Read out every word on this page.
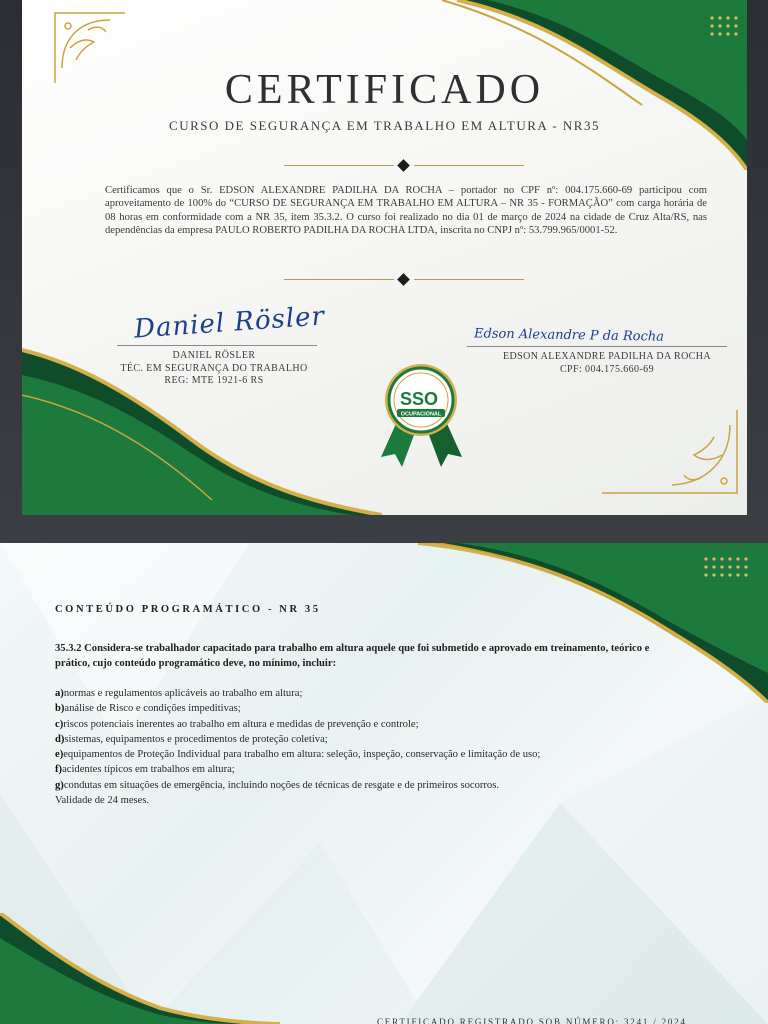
CERTIFICADO
CURSO DE SEGURANÇA EM TRABALHO EM ALTURA - NR35
Certificamos que o Sr. EDSON ALEXANDRE PADILHA DA ROCHA – portador no CPF nº: 004.175.660-69 participou com aproveitamento de 100% do “CURSO DE SEGURANÇA EM TRABALHO EM ALTURA – NR 35 - FORMAÇÃO” com carga horária de 08 horas em conformidade com a NR 35, item 35.3.2. O curso foi realizado no dia 01 de março de 2024 na cidade de Cruz Alta/RS, nas dependências da empresa PAULO ROBERTO PADILHA DA ROCHA LTDA, inscrita no CNPJ nº: 53.799.965/0001-52.
Daniel Rösler
DANIEL RÖSLER
TÉC. EM SEGURANÇA DO TRABALHO
REG: MTE 1921-6 RS
Edson Alexandre P da Rocha
EDSON ALEXANDRE PADILHA DA ROCHA
CPF: 004.175.660-69
SSO
OCUPACIONAL
CONTEÚDO PROGRAMÁTICO - NR 35
35.3.2 Considera-se trabalhador capacitado para trabalho em altura aquele que foi submetido e aprovado em treinamento, teórico e prático, cujo conteúdo programático deve, no mínimo, incluir:
a)normas e regulamentos aplicáveis ao trabalho em altura;
b)análise de Risco e condições impeditivas;
c)riscos potenciais inerentes ao trabalho em altura e medidas de prevenção e controle;
d)sistemas, equipamentos e procedimentos de proteção coletiva;
e)equipamentos de Proteção Individual para trabalho em altura: seleção, inspeção, conservação e limitação de uso;
f)acidentes típicos em trabalhos em altura;
g)condutas em situações de emergência, incluindo noções de técnicas de resgate e de primeiros socorros.
Validade de 24 meses.
CERTIFICADO REGISTRADO SOB NÚMERO: 3241 / 2024
